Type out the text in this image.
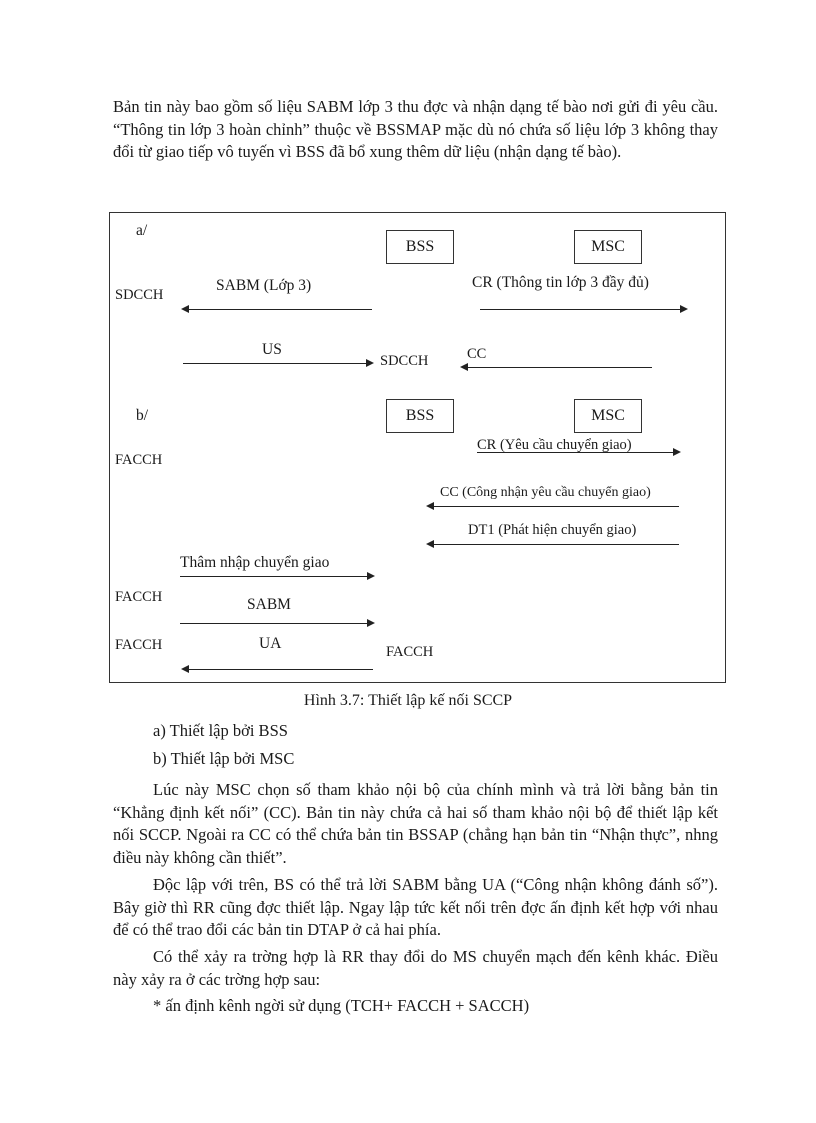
Bản tin này bao gồm số liệu SABM lớp 3 thu đợc và nhận dạng tế bào nơi gửi đi yêu cầu. “Thông tin lớp 3 hoàn chỉnh” thuộc về BSSMAP mặc dù nó chứa số liệu lớp 3 không thay đổi từ giao tiếp vô tuyến vì BSS đã bổ xung thêm dữ liệu (nhận dạng tế bào).

a/
BSS	MSC
SDCCH
SABM (Lớp 3)	CR (Thông tin lớp 3 đầy đủ)
US
SDCCH	CC
b/	BSS	MSC
FACCH
CR (Yêu cầu chuyển giao)
CC (Công nhận yêu cầu chuyển giao)
DT1 (Phát hiện chuyển giao)
Thâm nhập chuyển giao
FACCH	SABM
FACCH	UA	FACCH
Hình 3.7: Thiết lập kế nối SCCP
a) Thiết lập bởi BSS
b) Thiết lập bởi MSC

Lúc này MSC chọn số tham khảo nội bộ của chính mình và trả lời bằng bản tin “Khẳng định kết nối” (CC). Bản tin này chứa cả hai số tham khảo nội bộ để thiết lập kết nối SCCP. Ngoài ra CC có thể chứa bản tin BSSAP (chẳng hạn bản tin “Nhận thực”, nhng điều này không cần thiết”.

Độc lập với trên, BS có thể trả lời SABM bằng UA (“Công nhận không đánh số”). Bây giờ thì RR cũng đợc thiết lập. Ngay lập tức kết nối trên đợc ấn định kết hợp với nhau để có thể trao đổi các bản tin DTAP ở cả hai phía.

Có thể xảy ra trờng hợp là RR thay đổi do MS chuyển mạch đến kênh khác. Điều này xảy ra ở các trờng hợp sau:

* ấn định kênh ngời sử dụng (TCH+ FACCH + SACCH)
